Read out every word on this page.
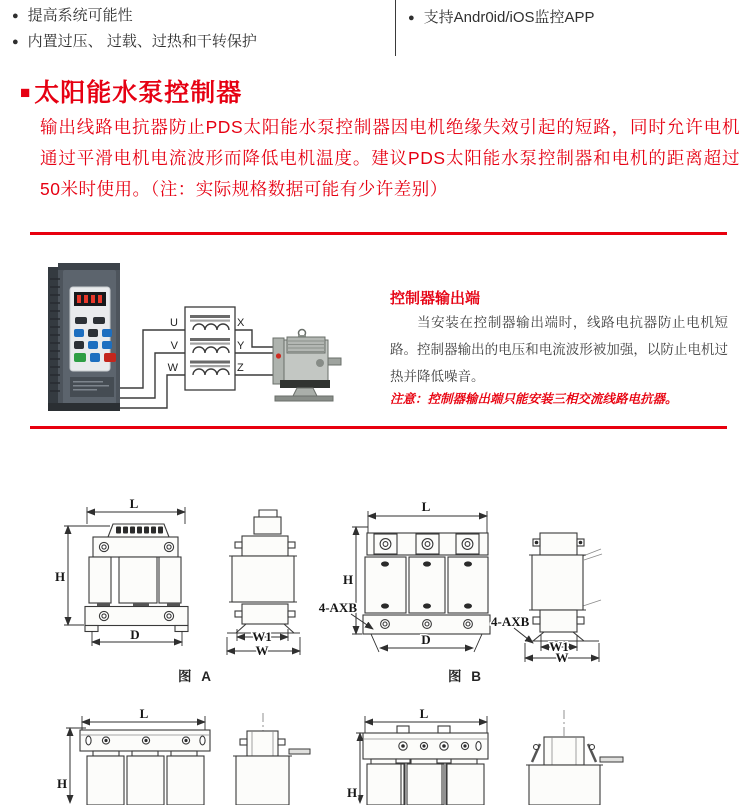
● 提高系统可能性
● 内置过压、 过载、过热和干转保护
● 支持Andr0id/iOS监控APP
■ 太阳能水泵控制器

输出线路电抗器防止PDS太阳能水泵控制器因电机绝缘失效引起的短路，同时允许电机通过平滑电机电流波形而降低电机温度。建议PDS太阳能水泵控制器和电机的距离超过50米时使用。（注：实际规格数据可能有少许差别）

U
V
W
X
Y
Z
控制器输出端

当安装在控制器输出端时，线路电抗器防止电机短路。控制器输出的电压和电流波形被加强，以防止电机过热并降低噪音。

注意：控制器输出端只能安装三相交流线路电抗器。

L
H
D	W1
W
图 A
L
H
D
4-AXB
4-AXB
W1
W
图 B
L
H
L
H
